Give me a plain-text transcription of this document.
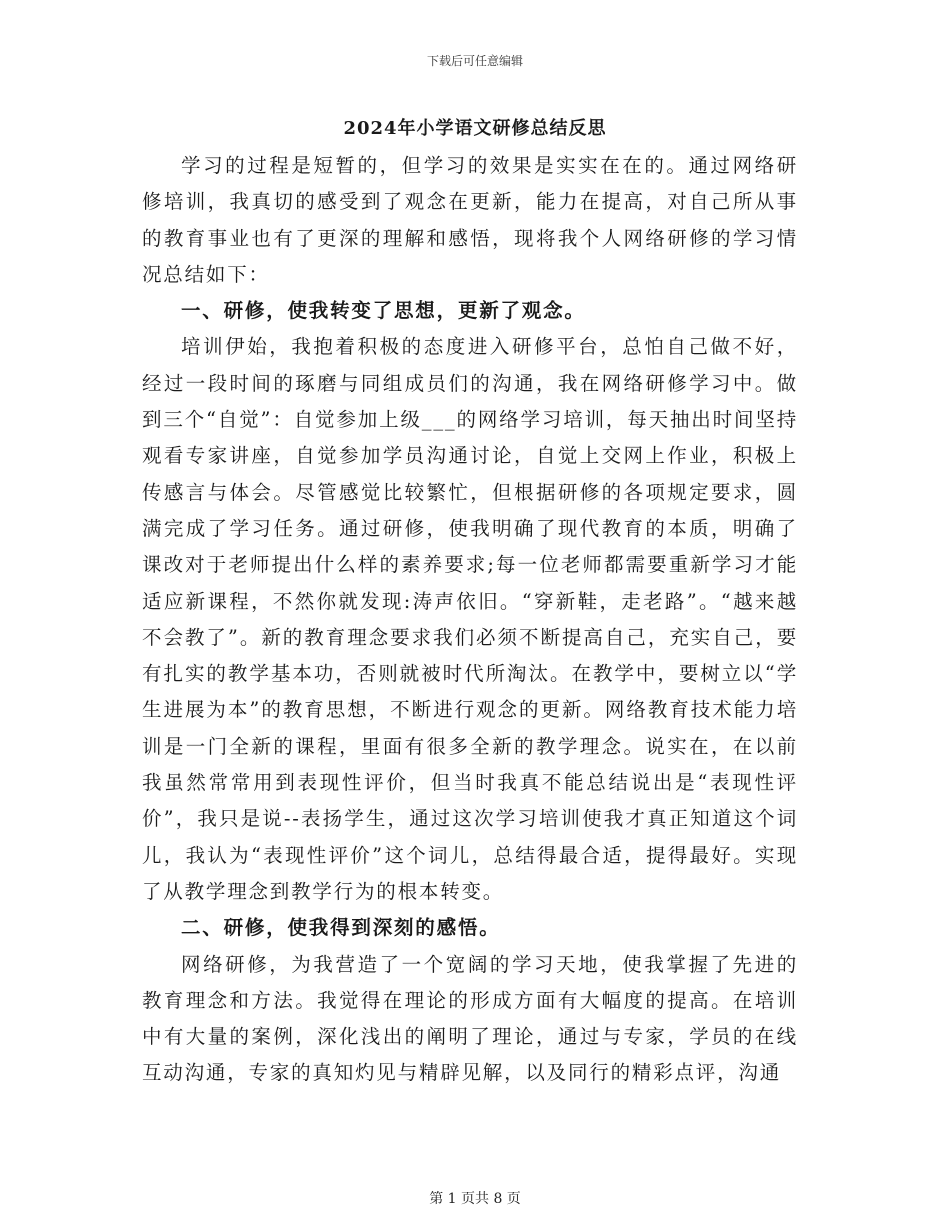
下载后可任意编辑
2024年小学语文研修总结反思

学习的过程是短暂的，但学习的效果是实实在在的。通过网络研修培训，我真切的感受到了观念在更新，能力在提高，对自己所从事的教育事业也有了更深的理解和感悟，现将我个人网络研修的学习情况总结如下：

一、研修，使我转变了思想，更新了观念。

培训伊始，我抱着积极的态度进入研修平台，总怕自己做不好，经过一段时间的琢磨与同组成员们的沟通，我在网络研修学习中。做到三个“自觉”：自觉参加上级___的网络学习培训，每天抽出时间坚持观看专家讲座，自觉参加学员沟通讨论，自觉上交网上作业，积极上传感言与体会。尽管感觉比较繁忙，但根据研修的各项规定要求，圆满完成了学习任务。通过研修，使我明确了现代教育的本质，明确了课改对于老师提出什么样的素养要求;每一位老师都需要重新学习才能适应新课程，不然你就发现:涛声依旧。“穿新鞋，走老路”。“越来越不会教了”。新的教育理念要求我们必须不断提高自己，充实自己，要有扎实的教学基本功，否则就被时代所淘汰。在教学中，要树立以“学生进展为本”的教育思想，不断进行观念的更新。网络教育技术能力培训是一门全新的课程，里面有很多全新的教学理念。说实在，在以前我虽然常常用到表现性评价，但当时我真不能总结说出是“表现性评价”，我只是说--表扬学生，通过这次学习培训使我才真正知道这个词儿，我认为“表现性评价”这个词儿，总结得最合适，提得最好。实现了从教学理念到教学行为的根本转变。

二、研修，使我得到深刻的感悟。

网络研修，为我营造了一个宽阔的学习天地，使我掌握了先进的教育理念和方法。我觉得在理论的形成方面有大幅度的提高。在培训中有大量的案例，深化浅出的阐明了理论，通过与专家，学员的在线互动沟通，专家的真知灼见与精辟见解，以及同行的精彩点评，沟通

第 1 页共 8 页
